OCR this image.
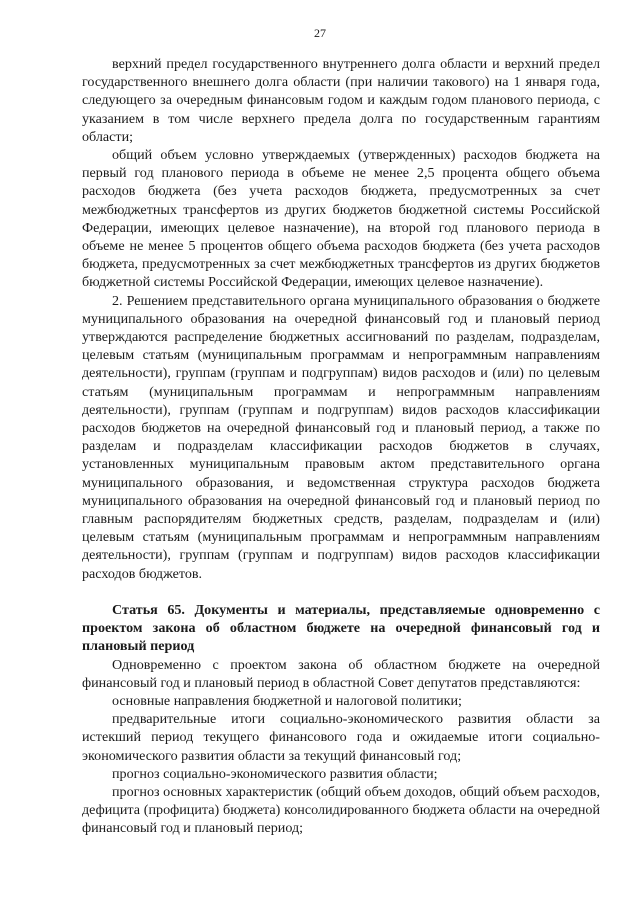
27

верхний предел государственного внутреннего долга области и верхний предел государственного внешнего долга области (при наличии такового) на 1 января года, следующего за очередным финансовым годом и каждым годом планового периода, с указанием в том числе верхнего предела долга по государственным гарантиям области;

общий объем условно утверждаемых (утвержденных) расходов бюджета на первый год планового периода в объеме не менее 2,5 процента общего объема расходов бюджета (без учета расходов бюджета, предусмотренных за счет межбюджетных трансфертов из других бюджетов бюджетной системы Российской Федерации, имеющих целевое назначение), на второй год планового периода в объеме не менее 5 процентов общего объема расходов бюджета (без учета расходов бюджета, предусмотренных за счет межбюджетных трансфертов из других бюджетов бюджетной системы Российской Федерации, имеющих целевое назначение).

2. Решением представительного органа муниципального образования о бюджете муниципального образования на очередной финансовый год и плановый период утверждаются распределение бюджетных ассигнований по разделам, подразделам, целевым статьям (муниципальным программам и непрограммным направлениям деятельности), группам (группам и подгруппам) видов расходов и (или) по целевым статьям (муниципальным программам и непрограммным направлениям деятельности), группам (группам и подгруппам) видов расходов классификации расходов бюджетов на очередной финансовый год и плановый период, а также по разделам и подразделам классификации расходов бюджетов в случаях, установленных муниципальным правовым актом представительного органа муниципального образования, и ведомственная структура расходов бюджета муниципального образования на очередной финансовый год и плановый период по главным распорядителям бюджетных средств, разделам, подразделам и (или) целевым статьям (муниципальным программам и непрограммным направлениям деятельности), группам (группам и подгруппам) видов расходов классификации расходов бюджетов.

Статья 65. Документы и материалы, представляемые одновременно с проектом закона об областном бюджете на очередной финансовый год и плановый период

Одновременно с проектом закона об областном бюджете на очередной финансовый год и плановый период в областной Совет депутатов представляются:

основные направления бюджетной и налоговой политики;

предварительные итоги социально-экономического развития области за истекший период текущего финансового года и ожидаемые итоги социально-экономического развития области за текущий финансовый год;

прогноз социально-экономического развития области;

прогноз основных характеристик (общий объем доходов, общий объем расходов, дефицита (профицита) бюджета) консолидированного бюджета области на очередной финансовый год и плановый период;
